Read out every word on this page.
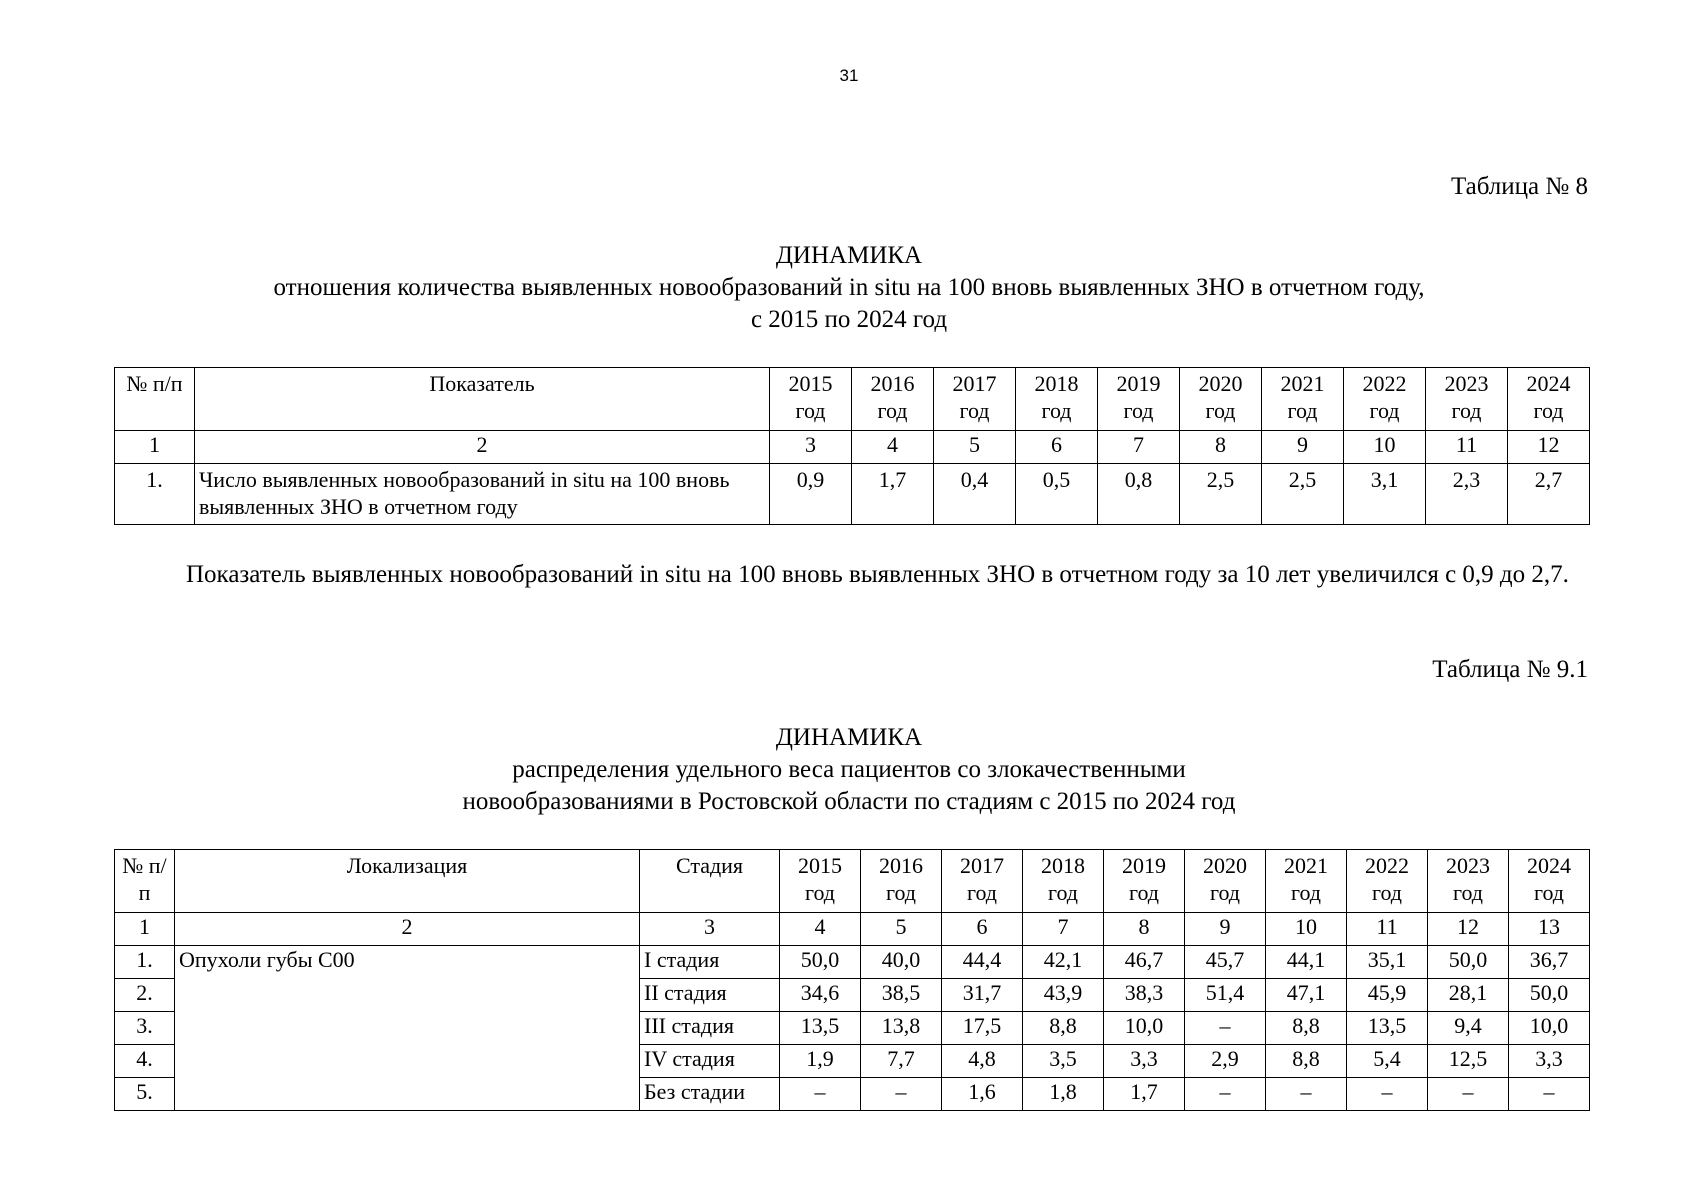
31
Таблица № 8
ДИНАМИКА
отношения количества выявленных новообразований in situ на 100 вновь выявленных ЗНО в отчетном году,
с 2015 по 2024 год
№ п/п	Показатель	2015 год	2016 год	2017 год	2018 год	2019 год	2020 год	2021 год	2022 год	2023 год	2024 год
1	2	3	4	5	6	7	8	9	10	11	12
1.	Число выявленных новообразований in situ на 100 вновь выявленных ЗНО в отчетном году	0,9	1,7	0,4	0,5	0,8	2,5	2,5	3,1	2,3	2,7
Показатель выявленных новообразований in situ на 100 вновь выявленных ЗНО в отчетном году за 10 лет увеличился с 0,9 до 2,7.
Таблица № 9.1
ДИНАМИКА
распределения удельного веса пациентов со злокачественными
новообразованиями в Ростовской области по стадиям с 2015 по 2024 год
№ п/п	Локализация	Стадия	2015 год	2016 год	2017 год	2018 год	2019 год	2020 год	2021 год	2022 год	2023 год	2024 год
1	2	3	4	5	6	7	8	9	10	11	12	13
1.	Опухоли губы С00	I стадия	50,0	40,0	44,4	42,1	46,7	45,7	44,1	35,1	50,0	36,7
2.		II стадия	34,6	38,5	31,7	43,9	38,3	51,4	47,1	45,9	28,1	50,0
3.		III стадия	13,5	13,8	17,5	8,8	10,0	–	8,8	13,5	9,4	10,0
4.		IV стадия	1,9	7,7	4,8	3,5	3,3	2,9	8,8	5,4	12,5	3,3
5.		Без стадии	–	–	1,6	1,8	1,7	–	–	–	–	–
